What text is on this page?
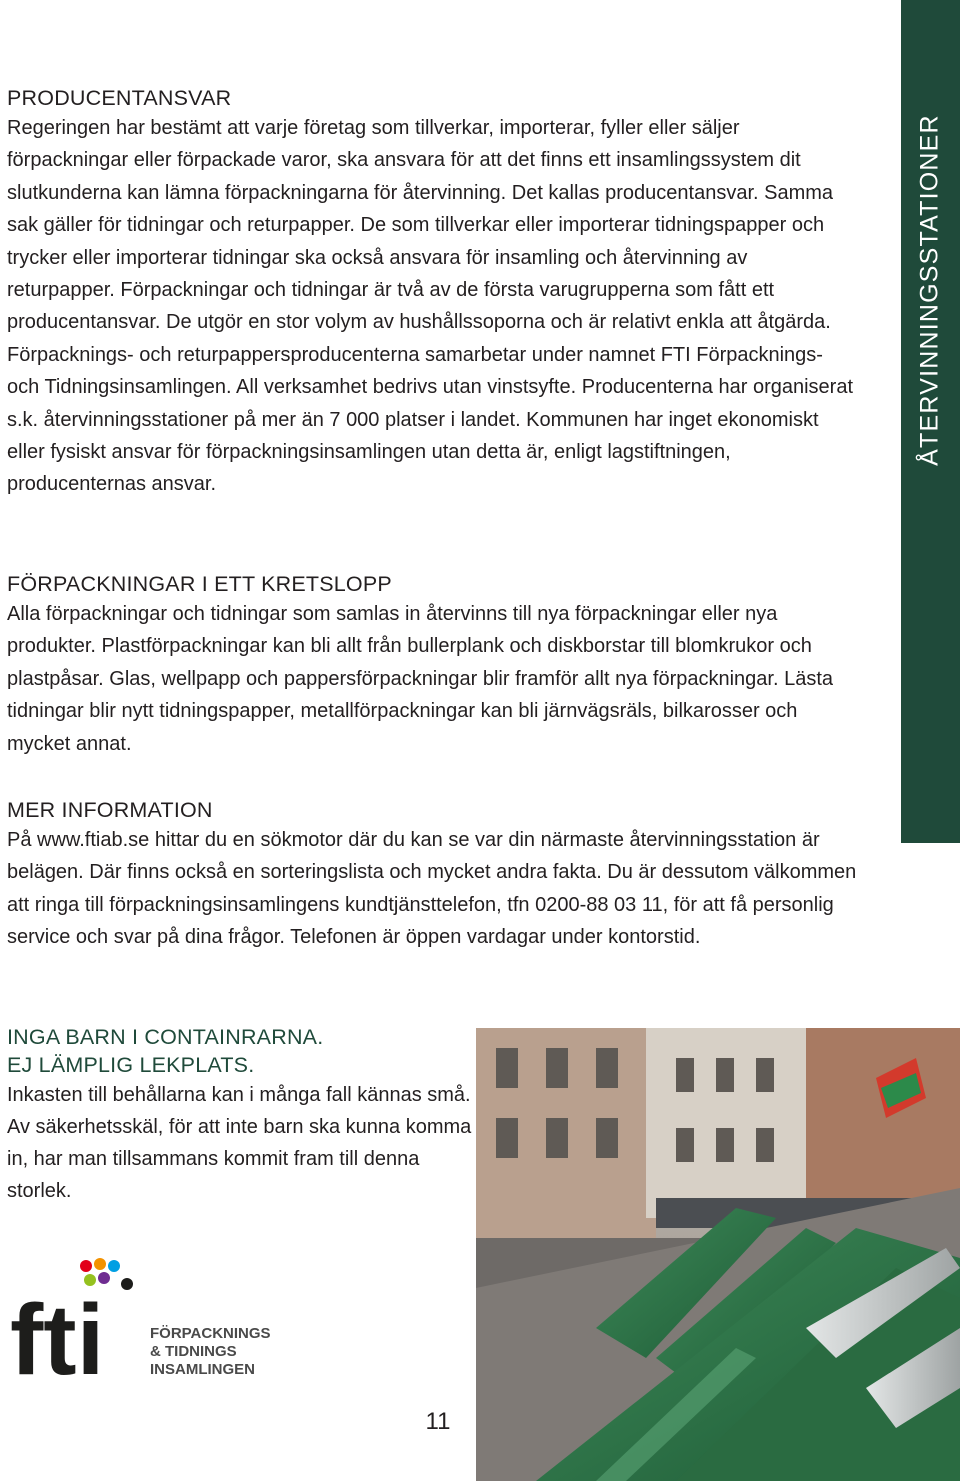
ÅTERVINNINGSSTATIONER
PRODUCENTANSVAR

Regeringen har bestämt att varje företag som tillverkar, importerar, fyller eller säljer förpackningar eller förpackade varor, ska ansvara för att det finns ett insamlingssystem dit slutkunderna kan lämna förpackningarna för återvinning. Det kallas producentansvar. Samma sak gäller för tidningar och returpapper. De som tillverkar eller importerar tidningspapper och trycker eller importerar tidningar ska också ansvara för insamling och återvinning av returpapper. Förpackningar och tidningar är två av de första varugrupperna som fått ett producentansvar. De utgör en stor volym av hushållssoporna och är relativt enkla att åtgärda. Förpacknings- och returpappersproducenterna samarbetar under namnet FTI Förpacknings- och Tidningsinsamlingen. All verksamhet bedrivs utan vinstsyfte. Producenterna har organiserat s.k. återvinningsstationer på mer än 7 000 platser i landet. Kommunen har inget ekonomiskt eller fysiskt ansvar för förpackningsinsamlingen utan detta är, enligt lagstiftningen, producenternas ansvar.

FÖRPACKNINGAR I ETT KRETSLOPP

Alla förpackningar och tidningar som samlas in återvinns till nya förpackningar eller nya produkter. Plastförpackningar kan bli allt från bullerplank och diskborstar till blomkrukor och plastpåsar. Glas, wellpapp och pappersförpackningar blir framför allt nya förpackningar. Lästa tidningar blir nytt tidningspapper, metallförpackningar kan bli järnvägsräls, bilkarosser och mycket annat.

MER INFORMATION

På www.ftiab.se hittar du en sökmotor där du kan se var din närmaste återvinningsstation är belägen. Där finns också en sorteringslista och mycket andra fakta. Du är dessutom välkommen att ringa till förpackningsinsamlingens kundtjänsttelefon, tfn 0200-88 03 11, för att få personlig service och svar på dina frågor. Telefonen är öppen vardagar under kontorstid.

INGA BARN I CONTAINRARNA.
EJ LÄMPLIG LEKPLATS.

Inkasten till behållarna kan i många fall kännas små. Av säkerhetsskäl, för att inte barn ska kunna komma in, har man tillsammans kommit fram till denna storlek.

fti	FÖRPACKNINGS
& TIDNINGS
INSAMLINGEN
11
